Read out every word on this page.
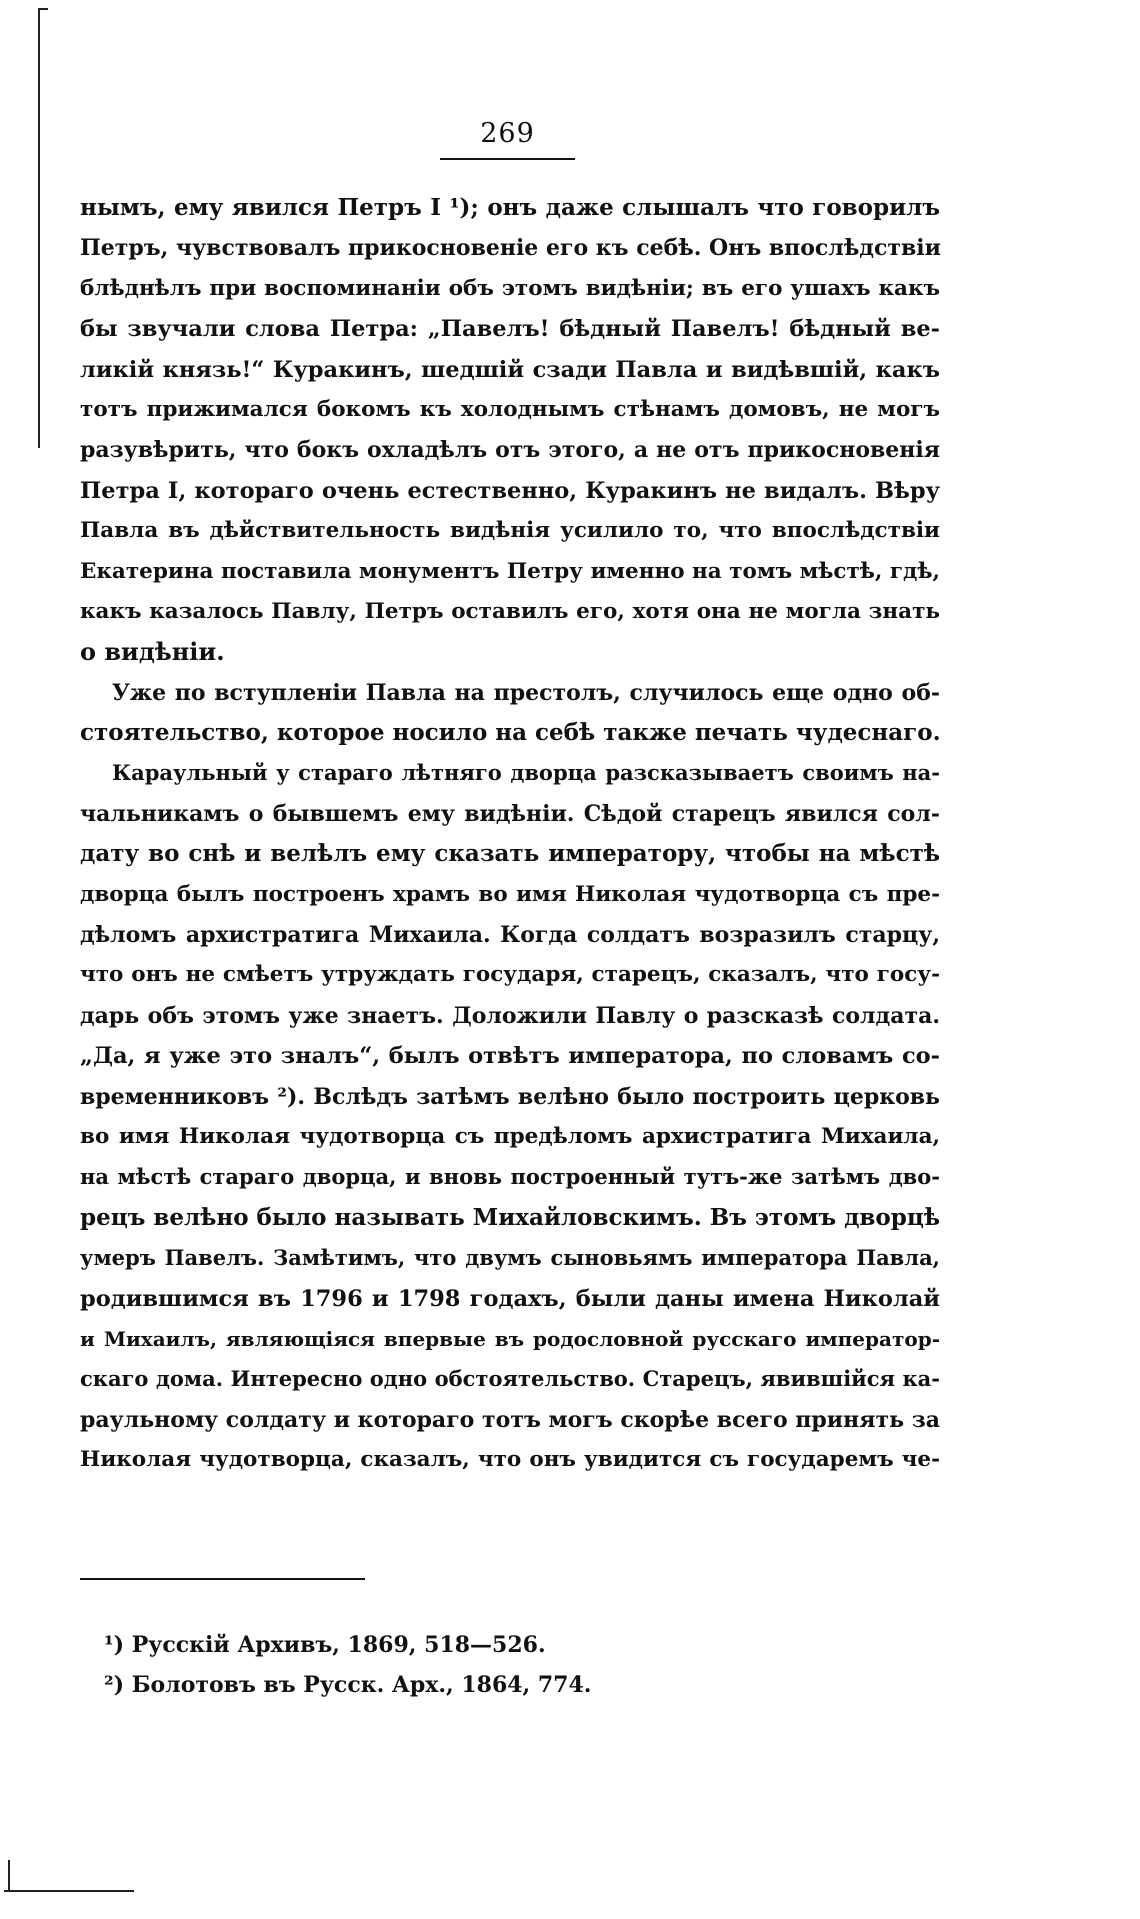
269
нымъ, ему явился Петръ I ¹); онъ даже слышалъ что говорилъ
Петръ, чувствовалъ прикосновеніе его къ себѣ. Онъ впослѣдствіи
блѣднѣлъ при воспоминаніи объ этомъ видѣніи; въ его ушахъ какъ
бы звучали слова Петра: „Павелъ! бѣдный Павелъ! бѣдный ве-
ликій князь!“ Куракинъ, шедшій сзади Павла и видѣвшій, какъ
тотъ прижимался бокомъ къ холоднымъ стѣнамъ домовъ, не могъ
разувѣрить, что бокъ охладѣлъ отъ этого, а не отъ прикосновенія
Петра I, котораго очень естественно, Куракинъ не видалъ. Вѣру
Павла въ дѣйствительность видѣнія усилило то, что впослѣдствіи
Екатерина поставила монументъ Петру именно на томъ мѣстѣ, гдѣ,
какъ казалось Павлу, Петръ оставилъ его, хотя она не могла знать
о видѣніи.
Уже по вступленіи Павла на престолъ, случилось еще одно об-
стоятельство, которое носило на себѣ также печать чудеснаго.
Караульный у стараго лѣтняго дворца разсказываетъ своимъ на-
чальникамъ о бывшемъ ему видѣніи. Сѣдой старецъ явился сол-
дату во снѣ и велѣлъ ему сказать императору, чтобы на мѣстѣ
дворца былъ построенъ храмъ во имя Николая чудотворца съ пре-
дѣломъ архистратига Михаила. Когда солдатъ возразилъ старцу,
что онъ не смѣетъ утруждать государя, старецъ, сказалъ, что госу-
дарь объ этомъ уже знаетъ. Доложили Павлу о разсказѣ солдата.
„Да, я уже это зналъ“, былъ отвѣтъ императора, по словамъ со-
временниковъ ²). Вслѣдъ затѣмъ велѣно было построить церковь
во имя Николая чудотворца съ предѣломъ архистратига Михаила,
на мѣстѣ стараго дворца, и вновь построенный тутъ-же затѣмъ дво-
рецъ велѣно было называть Михайловскимъ. Въ этомъ дворцѣ
умеръ Павелъ. Замѣтимъ, что двумъ сыновьямъ императора Павла,
родившимся въ 1796 и 1798 годахъ, были даны имена Николай
и Михаилъ, являющіяся впервые въ родословной русскаго император-
скаго дома. Интересно одно обстоятельство. Старецъ, явившійся ка-
раульному солдату и котораго тотъ могъ скорѣе всего принять за
Николая чудотворца, сказалъ, что онъ увидится съ государемъ че-
¹) Русскій Архивъ, 1869, 518—526.
²) Болотовъ въ Русск. Арх., 1864, 774.
